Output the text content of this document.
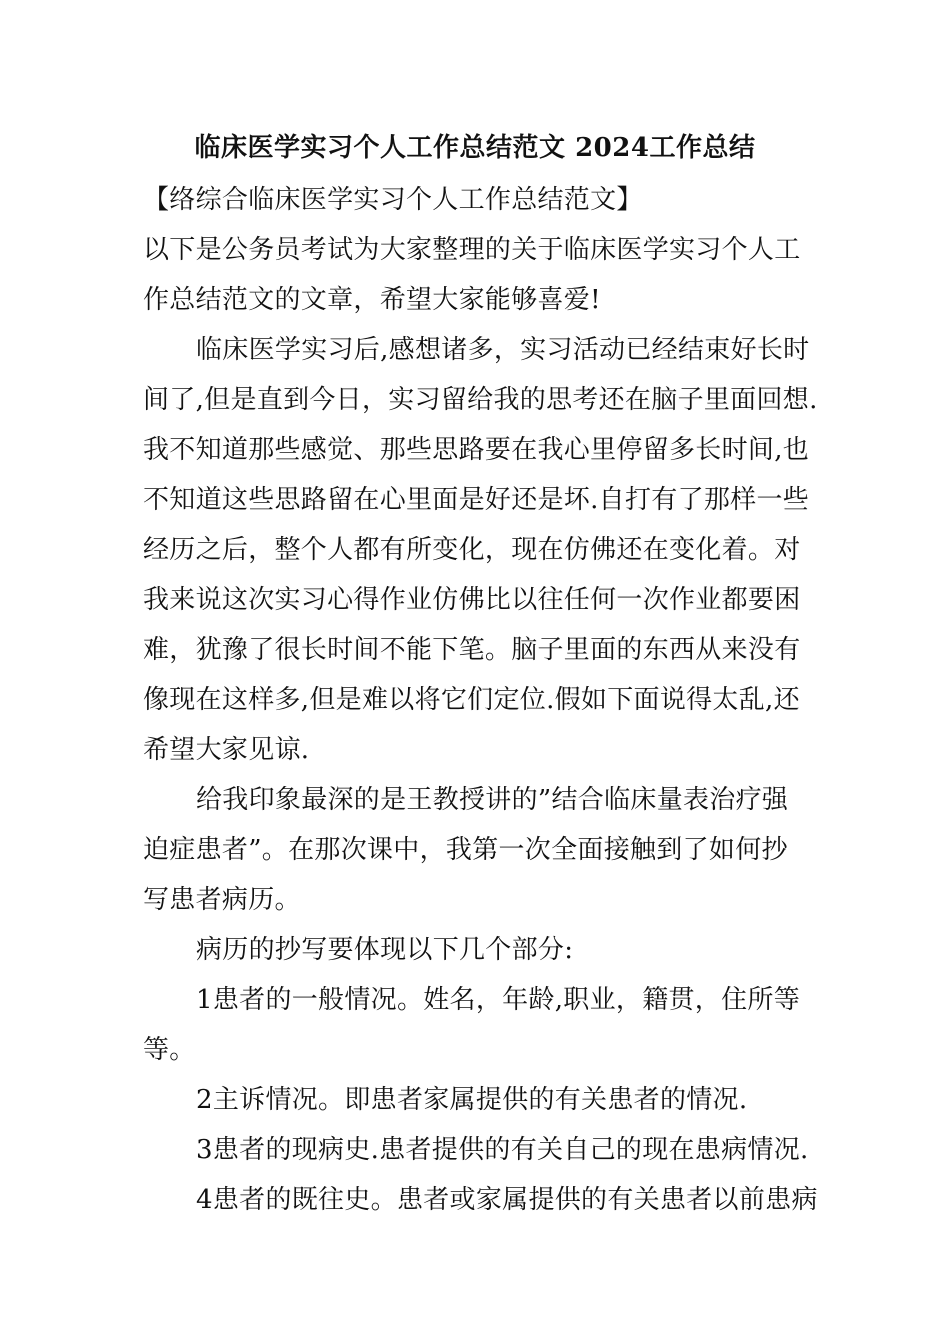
临床医学实习个人工作总结范文 2024工作总结
【络综合临床医学实习个人工作总结范文】
以下是公务员考试为大家整理的关于临床医学实习个人工
作总结范文的文章，希望大家能够喜爱!
临床医学实习后,感想诸多，实习活动已经结束好长时
间了,但是直到今日，实习留给我的思考还在脑子里面回想.
我不知道那些感觉、那些思路要在我心里停留多长时间,也
不知道这些思路留在心里面是好还是坏.自打有了那样一些
经历之后，整个人都有所变化，现在仿佛还在变化着。对
我来说这次实习心得作业仿佛比以往任何一次作业都要困
难，犹豫了很长时间不能下笔。脑子里面的东西从来没有
像现在这样多,但是难以将它们定位.假如下面说得太乱,还
希望大家见谅.
给我印象最深的是王教授讲的”结合临床量表治疗强
迫症患者”。在那次课中，我第一次全面接触到了如何抄
写患者病历。
病历的抄写要体现以下几个部分:
1患者的一般情况。姓名，年龄,职业，籍贯，住所等
等。
2主诉情况。即患者家属提供的有关患者的情况.
3患者的现病史.患者提供的有关自己的现在患病情况.
4患者的既往史。患者或家属提供的有关患者以前患病
